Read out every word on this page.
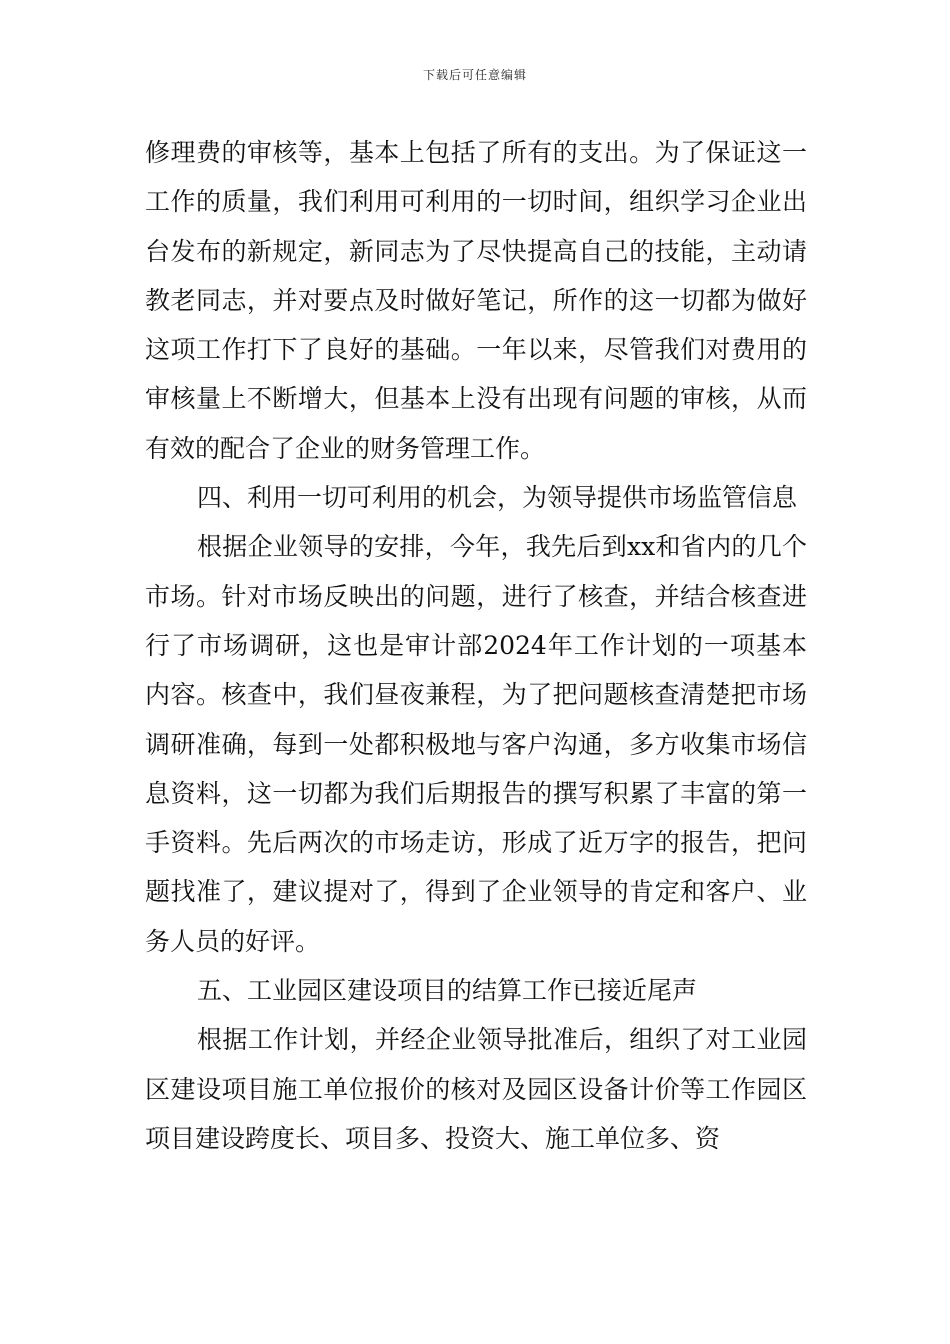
下载后可任意编辑

修理费的审核等，基本上包括了所有的支出。为了保证这一工作的质量，我们利用可利用的一切时间，组织学习企业出台发布的新规定，新同志为了尽快提高自己的技能，主动请教老同志，并对要点及时做好笔记，所作的这一切都为做好这项工作打下了良好的基础。一年以来，尽管我们对费用的审核量上不断增大，但基本上没有出现有问题的审核，从而有效的配合了企业的财务管理工作。

四、利用一切可利用的机会，为领导提供市场监管信息

根据企业领导的安排，今年，我先后到xx和省内的几个市场。针对市场反映出的问题，进行了核查，并结合核查进行了市场调研，这也是审计部2024年工作计划的一项基本内容。核查中，我们昼夜兼程，为了把问题核查清楚把市场调研准确，每到一处都积极地与客户沟通，多方收集市场信息资料，这一切都为我们后期报告的撰写积累了丰富的第一手资料。先后两次的市场走访，形成了近万字的报告，把问题找准了，建议提对了，得到了企业领导的肯定和客户、业务人员的好评。

五、工业园区建设项目的结算工作已接近尾声

根据工作计划，并经企业领导批准后，组织了对工业园区建设项目施工单位报价的核对及园区设备计价等工作园区项目建设跨度长、项目多、投资大、施工单位多、资
